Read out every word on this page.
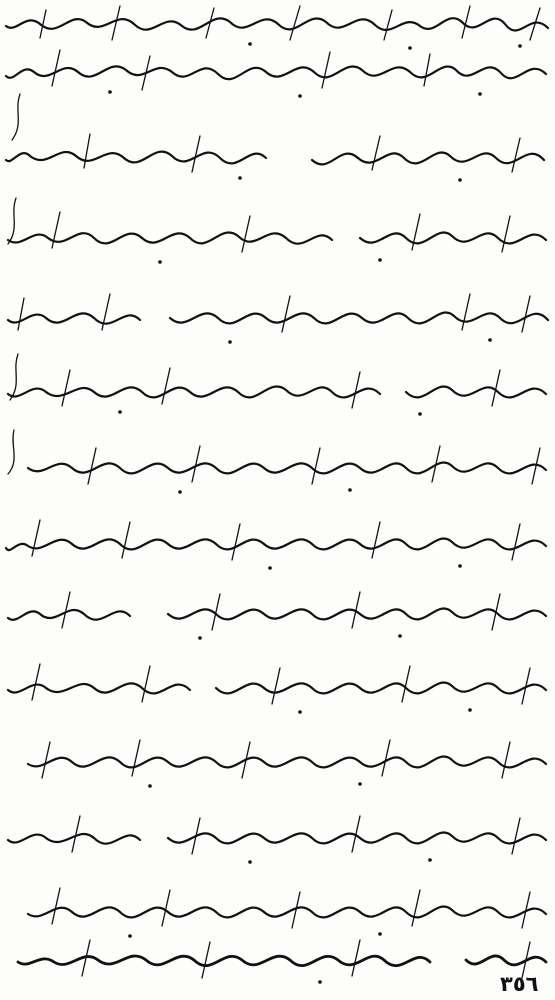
٣٥٦
